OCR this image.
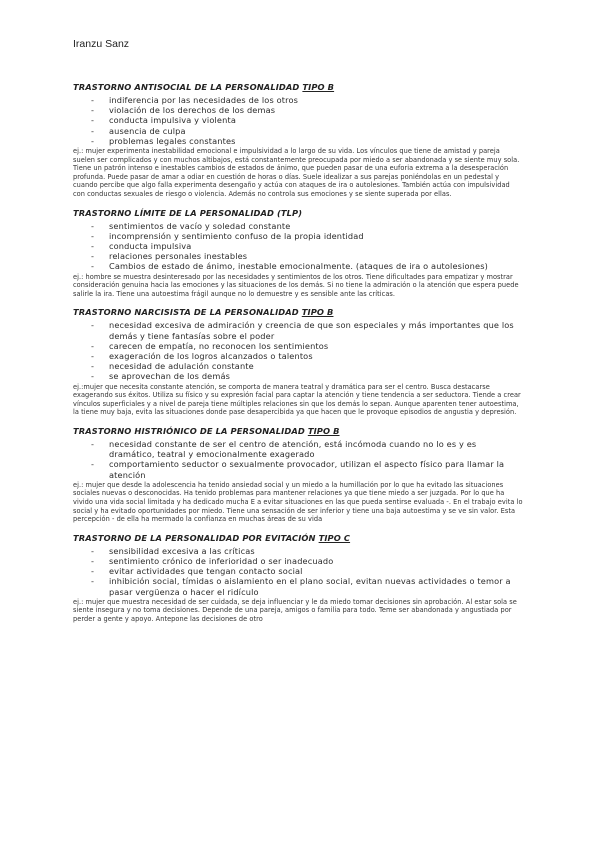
Iranzu Sanz
TRASTORNO ANTISOCIAL DE LA PERSONALIDAD TIPO B
- indiferencia por las necesidades de los otros
- violación de los derechos de los demas
- conducta impulsiva y violenta
- ausencia de culpa
- problemas legales constantes
ej.: mujer experimenta inestabilidad emocional e impulsividad a lo largo de su vida. Los vínculos que tiene de amistad y pareja suelen ser complicados y con muchos altibajos, está constantemente preocupada por miedo a ser abandonada y se siente muy sola. Tiene un patrón intenso e inestables cambios de estados de ánimo, que pueden pasar de una euforia extrema a la desesperación profunda. Puede pasar de amar a odiar en cuestión de horas o días. Suele idealizar a sus parejas poniéndolas en un pedestal y cuando percibe que algo falla experimenta desengaño y actúa con ataques de ira o autolesiones. También actúa con impulsividad con conductas sexuales de riesgo o violencia. Además no controla sus emociones y se siente superada por ellas.
TRASTORNO LÍMITE DE LA PERSONALIDAD (TLP)
- sentimientos de vacío y soledad constante
- incomprensión y sentimiento confuso de la propia identidad
- conducta impulsiva
- relaciones personales inestables
- Cambios de estado de ánimo, inestable emocionalmente. (ataques de ira o autolesiones)
ej.: hombre se muestra desinteresado por las necesidades y sentimientos de los otros. Tiene dificultades para empatizar y mostrar consideración genuina hacia las emociones y las situaciones de los demás. Si no tiene la admiración o la atención que espera puede salirle la ira. Tiene una autoestima frágil aunque no lo demuestre y es sensible ante las críticas.
TRASTORNO NARCISISTA DE LA PERSONALIDAD TIPO B
- necesidad excesiva de admiración y creencia de que son especiales y más importantes que los demás y tiene fantasías sobre el poder
- carecen de empatía, no reconocen los sentimientos
- exageración de los logros alcanzados o talentos
- necesidad de adulación constante
- se aprovechan de los demás
ej.:mujer que necesita constante atención, se comporta de manera teatral y dramática para ser el centro. Busca destacarse exagerando sus éxitos. Utiliza su físico y su expresión facial para captar la atención y tiene tendencia a ser seductora. Tiende a crear vínculos superficiales y a nivel de pareja tiene múltiples relaciones sin que los demás lo sepan. Aunque aparenten tener autoestima, la tiene muy baja, evita las situaciones donde pase desapercibida ya que hacen que le provoque episodios de angustia y depresión.
TRASTORNO HISTRIÓNICO DE LA PERSONALIDAD TIPO B
- necesidad constante de ser el centro de atención, está incómoda cuando no lo es y es dramático, teatral y emocionalmente exagerado
- comportamiento seductor o sexualmente provocador, utilizan el aspecto físico para llamar la atención
ej.: mujer que desde la adolescencia ha tenido ansiedad social y un miedo a la humillación por lo que ha evitado las situaciones sociales nuevas o desconocidas. Ha tenido problemas para mantener relaciones ya que tiene miedo a ser juzgada. Por lo que ha vivido una vida social limitada y ha dedicado mucha E a evitar situaciones en las que pueda sentirse evaluada -. En el trabajo evita lo social y ha evitado oportunidades por miedo. Tiene una sensación de ser inferior y tiene una baja autoestima y se ve sin valor. Esta percepción - de ella ha mermado la confianza en muchas áreas de su vida
TRASTORNO DE LA PERSONALIDAD POR EVITACIÓN TIPO C
- sensibilidad excesiva a las críticas
- sentimiento crónico de inferioridad o ser inadecuado
- evitar actividades que tengan contacto social
- inhibición social, tímidas o aislamiento en el plano social, evitan nuevas actividades o temor a pasar vergüenza o hacer el ridículo
ej.: mujer que muestra necesidad de ser cuidada, se deja influenciar y le da miedo tomar decisiones sin aprobación. Al estar sola se siente insegura y no toma decisiones. Depende de una pareja, amigos o familia para todo. Teme ser abandonada y angustiada por perder a gente y apoyo. Antepone las decisiones de otro
